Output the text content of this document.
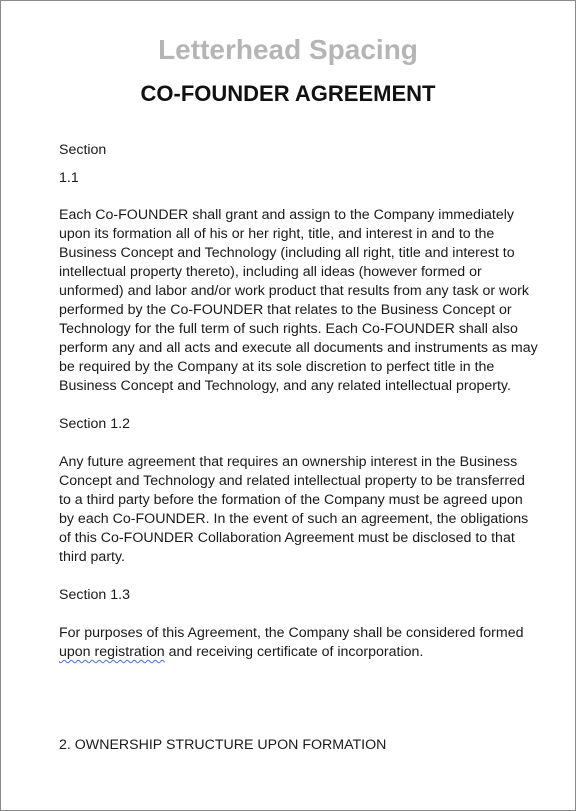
Letterhead Spacing
CO-FOUNDER AGREEMENT
Section
1.1
Each Co-FOUNDER shall grant and assign to the Company immediately upon its formation all of his or her right, title, and interest in and to the Business Concept and Technology (including all right, title and interest to intellectual property thereto), including all ideas (however formed or unformed) and labor and/or work product that results from any task or work performed by the Co-FOUNDER that relates to the Business Concept or Technology for the full term of such rights. Each Co-FOUNDER shall also perform any and all acts and execute all documents and instruments as may be required by the Company at its sole discretion to perfect title in the Business Concept and Technology, and any related intellectual property.
Section 1.2
Any future agreement that requires an ownership interest in the Business Concept and Technology and related intellectual property to be transferred to a third party before the formation of the Company must be agreed upon by each Co-FOUNDER. In the event of such an agreement, the obligations of this Co-FOUNDER Collaboration Agreement must be disclosed to that third party.
Section 1.3
For purposes of this Agreement, the Company shall be considered formed upon registration and receiving certificate of incorporation.
2. OWNERSHIP STRUCTURE UPON FORMATION
